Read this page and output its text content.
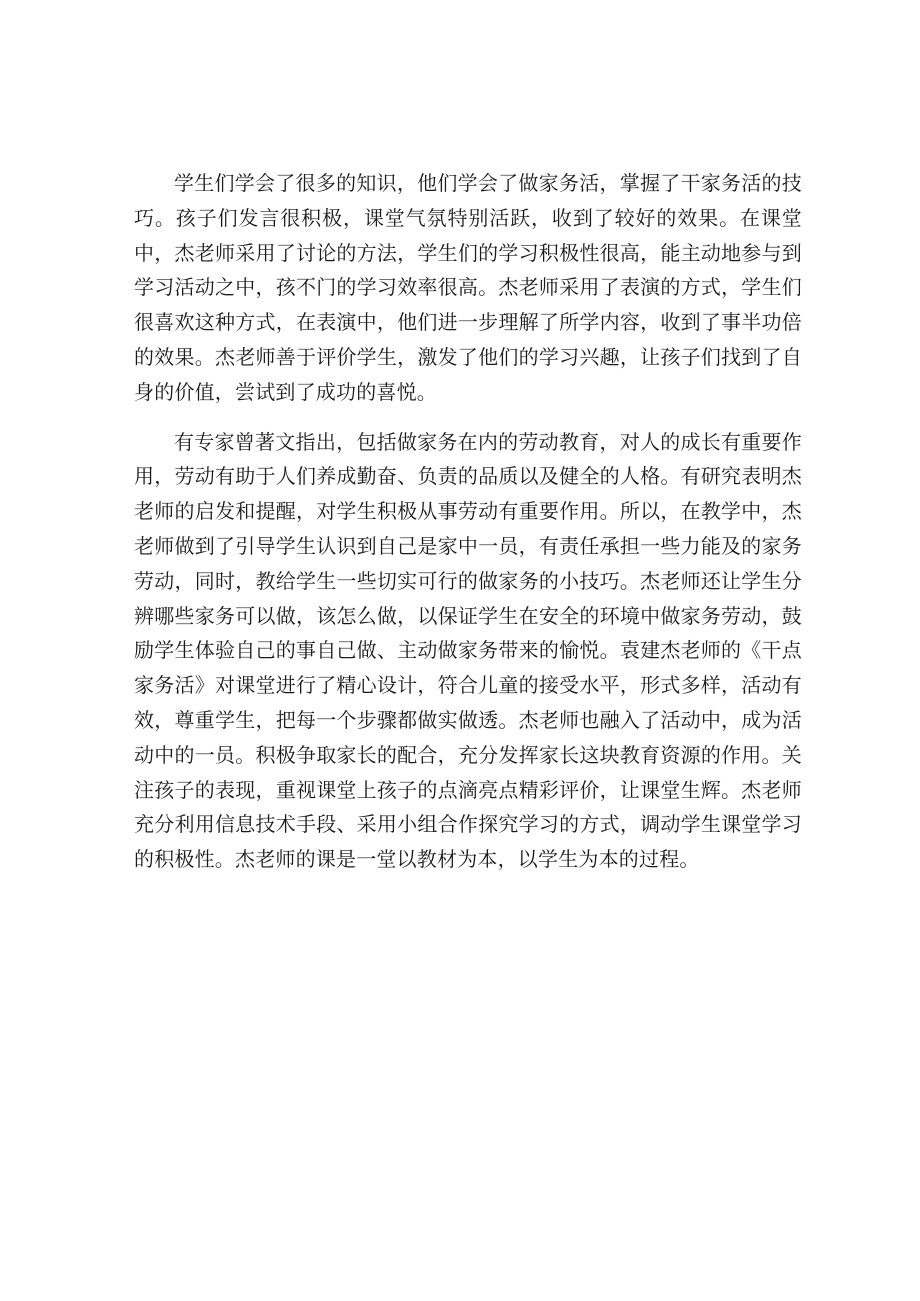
学生们学会了很多的知识，他们学会了做家务活，掌握了干家务活的技巧。孩子们发言很积极，课堂气氛特别活跃，收到了较好的效果。在课堂中，杰老师采用了讨论的方法，学生们的学习积极性很高，能主动地参与到学习活动之中，孩不门的学习效率很高。杰老师采用了表演的方式，学生们很喜欢这种方式，在表演中，他们进一步理解了所学内容，收到了事半功倍的效果。杰老师善于评价学生，激发了他们的学习兴趣，让孩子们找到了自身的价值，尝试到了成功的喜悦。

有专家曾著文指出，包括做家务在内的劳动教育，对人的成长有重要作用，劳动有助于人们养成勤奋、负责的品质以及健全的人格。有研究表明杰老师的启发和提醒，对学生积极从事劳动有重要作用。所以，在教学中，杰老师做到了引导学生认识到自己是家中一员，有责任承担一些力能及的家务劳动，同时，教给学生一些切实可行的做家务的小技巧。杰老师还让学生分辨哪些家务可以做，该怎么做，以保证学生在安全的环境中做家务劳动，鼓励学生体验自己的事自己做、主动做家务带来的愉悦。袁建杰老师的《干点家务活》对课堂进行了精心设计，符合儿童的接受水平，形式多样，活动有效，尊重学生，把每一个步骤都做实做透。杰老师也融入了活动中，成为活动中的一员。积极争取家长的配合，充分发挥家长这块教育资源的作用。关注孩子的表现，重视课堂上孩子的点滴亮点精彩评价，让课堂生辉。杰老师充分利用信息技术手段、采用小组合作探究学习的方式，调动学生课堂学习的积极性。杰老师的课是一堂以教材为本，以学生为本的过程。
